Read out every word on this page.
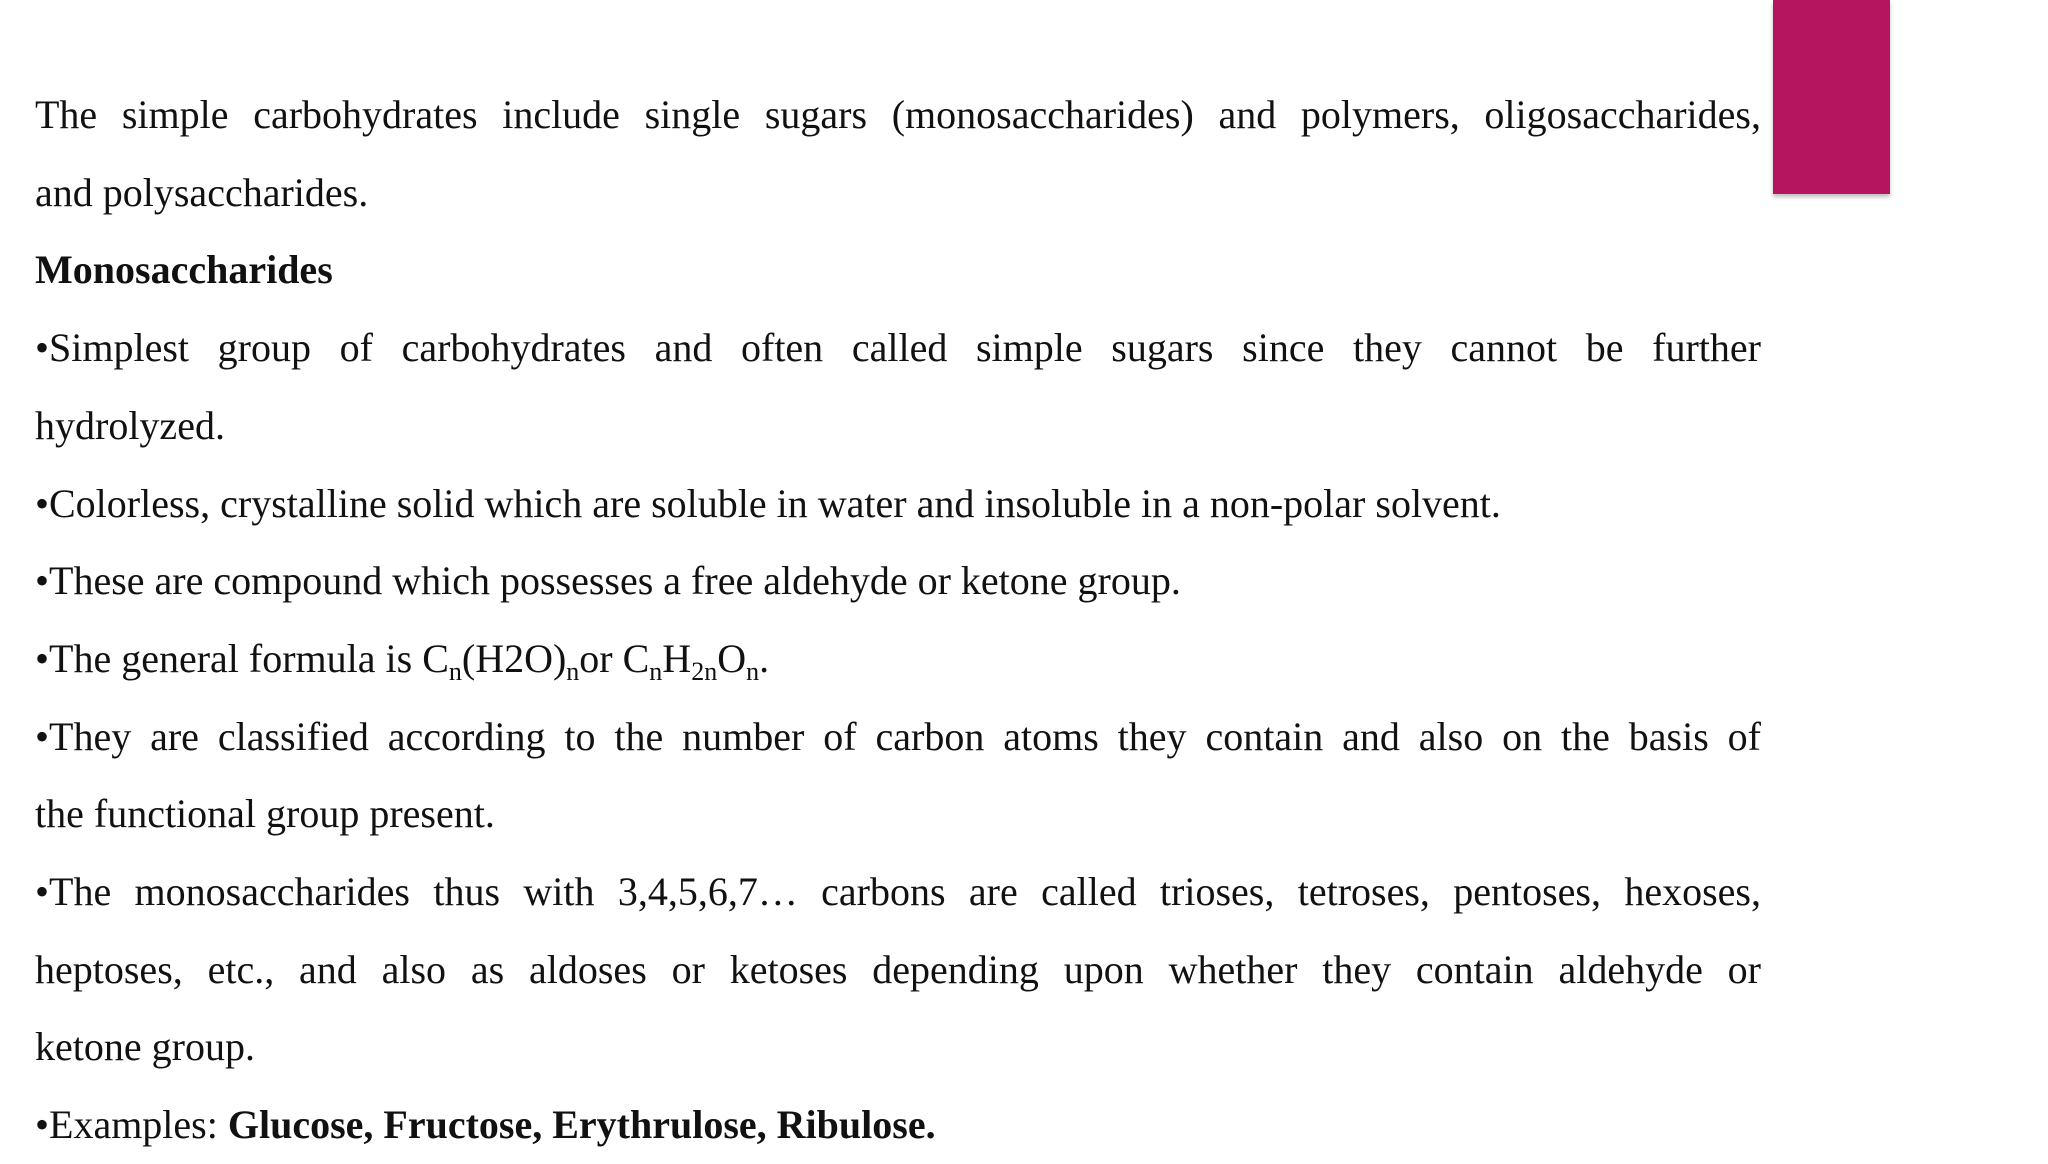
The simple carbohydrates include single sugars (monosaccharides) and polymers, oligosaccharides,
and polysaccharides.
Monosaccharides
•Simplest group of carbohydrates and often called simple sugars since they cannot be further
hydrolyzed.
•Colorless, crystalline solid which are soluble in water and insoluble in a non-polar solvent.
•These are compound which possesses a free aldehyde or ketone group.
•The general formula is $C_n(H2O)_nor$ $C_nH_{2n}O_n$.
•They are classified according to the number of carbon atoms they contain and also on the basis of
the functional group present.
•The monosaccharides thus with 3,4,5,6,7… carbons are called trioses, tetroses, pentoses, hexoses,
heptoses, etc., and also as aldoses or ketoses depending upon whether they contain aldehyde or
ketone group.
•Examples: Glucose, Fructose, Erythrulose, Ribulose.
